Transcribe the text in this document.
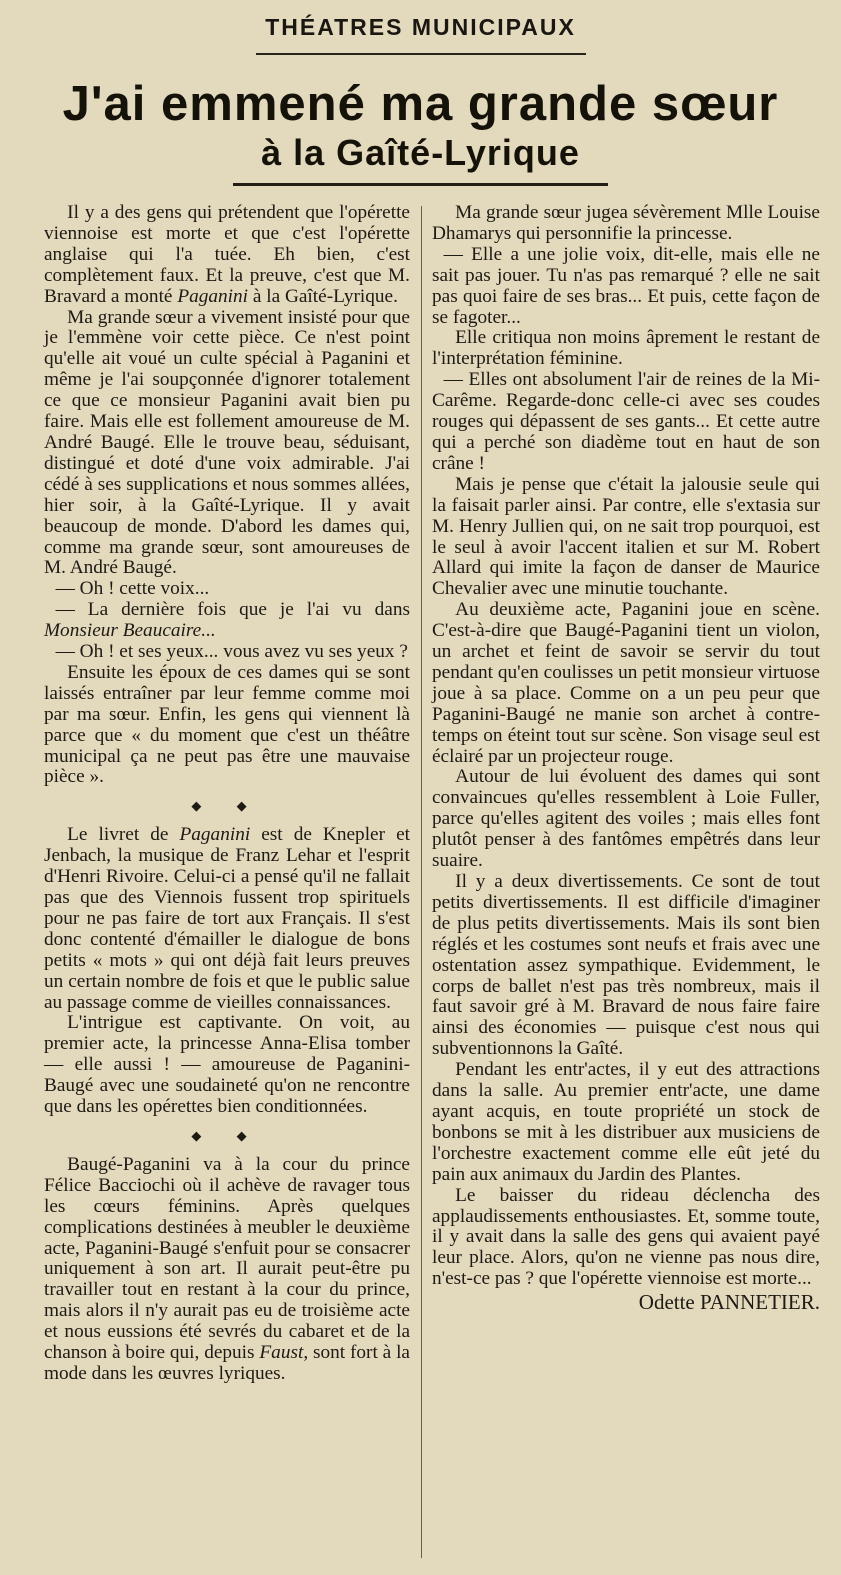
THÉATRES MUNICIPAUX
J'ai emmené ma grande sœur
à la Gaîté-Lyrique

Il y a des gens qui prétendent que l'opérette viennoise est morte et que c'est l'opérette anglaise qui l'a tuée. Eh bien, c'est complètement faux. Et la preuve, c'est que M. Bravard a monté Paganini à la Gaîté-Lyrique.

Ma grande sœur a vivement insisté pour que je l'emmène voir cette pièce. Ce n'est point qu'elle ait voué un culte spécial à Paganini et même je l'ai soupçonnée d'ignorer totalement ce que ce monsieur Paganini avait bien pu faire. Mais elle est follement amoureuse de M. André Baugé. Elle le trouve beau, séduisant, distingué et doté d'une voix admirable. J'ai cédé à ses supplications et nous sommes allées, hier soir, à la Gaîté-Lyrique. Il y avait beaucoup de monde. D'abord les dames qui, comme ma grande sœur, sont amoureuses de M. André Baugé.

— Oh ! cette voix...

— La dernière fois que je l'ai vu dans Monsieur Beaucaire...

— Oh ! et ses yeux... vous avez vu ses yeux ?

Ensuite les époux de ces dames qui se sont laissés entraîner par leur femme comme moi par ma sœur. Enfin, les gens qui viennent là parce que « du moment que c'est un théâtre municipal ça ne peut pas être une mauvaise pièce ».

◆ ◆

Le livret de Paganini est de Knepler et Jenbach, la musique de Franz Lehar et l'esprit d'Henri Rivoire. Celui-ci a pensé qu'il ne fallait pas que des Viennois fussent trop spirituels pour ne pas faire de tort aux Français. Il s'est donc contenté d'émailler le dialogue de bons petits « mots » qui ont déjà fait leurs preuves un certain nombre de fois et que le public salue au passage comme de vieilles connaissances.

L'intrigue est captivante. On voit, au premier acte, la princesse Anna-Elisa tomber — elle aussi ! — amoureuse de Paganini-Baugé avec une soudaineté qu'on ne rencontre que dans les opérettes bien conditionnées.

◆ ◆

Baugé-Paganini va à la cour du prince Félice Bacciochi où il achève de ravager tous les cœurs féminins. Après quelques complications destinées à meubler le deuxième acte, Paganini-Baugé s'enfuit pour se consacrer uniquement à son art. Il aurait peut-être pu travailler tout en restant à la cour du prince, mais alors il n'y aurait pas eu de troisième acte et nous eussions été sevrés du cabaret et de la chanson à boire qui, depuis Faust, sont fort à la mode dans les œuvres lyriques.

Ma grande sœur jugea sévèrement Mlle Louise Dhamarys qui personnifie la princesse.

— Elle a une jolie voix, dit-elle, mais elle ne sait pas jouer. Tu n'as pas remarqué ? elle ne sait pas quoi faire de ses bras... Et puis, cette façon de se fagoter...

Elle critiqua non moins âprement le restant de l'interprétation féminine.

— Elles ont absolument l'air de reines de la Mi-Carême. Regarde-donc celle-ci avec ses coudes rouges qui dépassent de ses gants... Et cette autre qui a perché son diadème tout en haut de son crâne !

Mais je pense que c'était la jalousie seule qui la faisait parler ainsi. Par contre, elle s'extasia sur M. Henry Jullien qui, on ne sait trop pourquoi, est le seul à avoir l'accent italien et sur M. Robert Allard qui imite la façon de danser de Maurice Chevalier avec une minutie touchante.

Au deuxième acte, Paganini joue en scène. C'est-à-dire que Baugé-Paganini tient un violon, un archet et feint de savoir se servir du tout pendant qu'en coulisses un petit monsieur virtuose joue à sa place. Comme on a un peu peur que Paganini-Baugé ne manie son archet à contre-temps on éteint tout sur scène. Son visage seul est éclairé par un projecteur rouge.

Autour de lui évoluent des dames qui sont convaincues qu'elles ressemblent à Loie Fuller, parce qu'elles agitent des voiles ; mais elles font plutôt penser à des fantômes empêtrés dans leur suaire.

Il y a deux divertissements. Ce sont de tout petits divertissements. Il est difficile d'imaginer de plus petits divertissements. Mais ils sont bien réglés et les costumes sont neufs et frais avec une ostentation assez sympathique. Evidemment, le corps de ballet n'est pas très nombreux, mais il faut savoir gré à M. Bravard de nous faire faire ainsi des économies — puisque c'est nous qui subventionnons la Gaîté.

Pendant les entr'actes, il y eut des attractions dans la salle. Au premier entr'acte, une dame ayant acquis, en toute propriété un stock de bonbons se mit à les distribuer aux musiciens de l'orchestre exactement comme elle eût jeté du pain aux animaux du Jardin des Plantes.

Le baisser du rideau déclencha des applaudissements enthousiastes. Et, somme toute, il y avait dans la salle des gens qui avaient payé leur place. Alors, qu'on ne vienne pas nous dire, n'est-ce pas ? que l'opérette viennoise est morte...

Odette PANNETIER.
